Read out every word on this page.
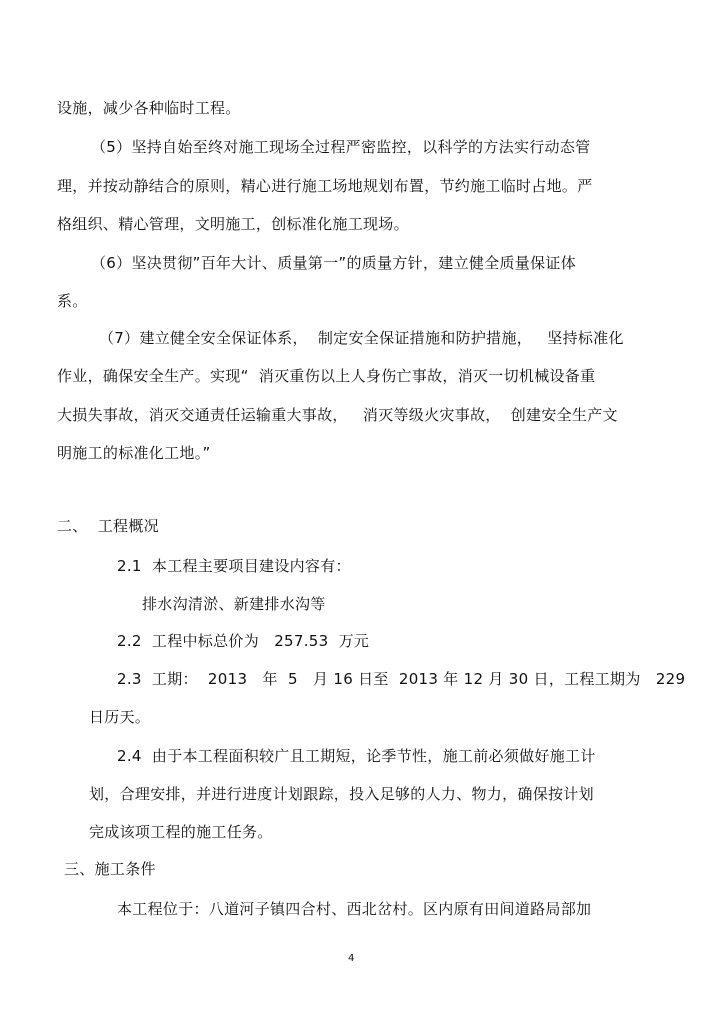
设施，减少各种临时工程。
（5）坚持自始至终对施工现场全过程严密监控，以科学的方法实行动态管
理，并按动静结合的原则，精心进行施工场地规划布置，节约施工临时占地。严
格组织、精心管理，文明施工，创标准化施工现场。
（6）坚决贯彻”百年大计、质量第一”的质量方针，建立健全质量保证体
系。
（7）建立健全安全保证体系，  制定安全保证措施和防护措施，   坚持标准化
作业，确保安全生产。实现“  消灭重伤以上人身伤亡事故，消灭一切机械设备重
大损失事故，消灭交通责任运输重大事故，   消灭等级火灾事故，  创建安全生产文
明施工的标准化工地。”
二、  工程概况
2.1  本工程主要项目建设内容有：
排水沟清淤、新建排水沟等
2.2  工程中标总价为   257.53  万元
2.3  工期：  2013   年  5   月 16 日至  2013 年 12 月 30 日，工程工期为   229
日历天。
2.4  由于本工程面积较广且工期短，论季节性，施工前必须做好施工计
划，合理安排，并进行进度计划跟踪，投入足够的人力、物力，确保按计划
完成该项工程的施工任务。
三、施工条件
本工程位于：八道河子镇四合村、西北岔村。区内原有田间道路局部加
4
